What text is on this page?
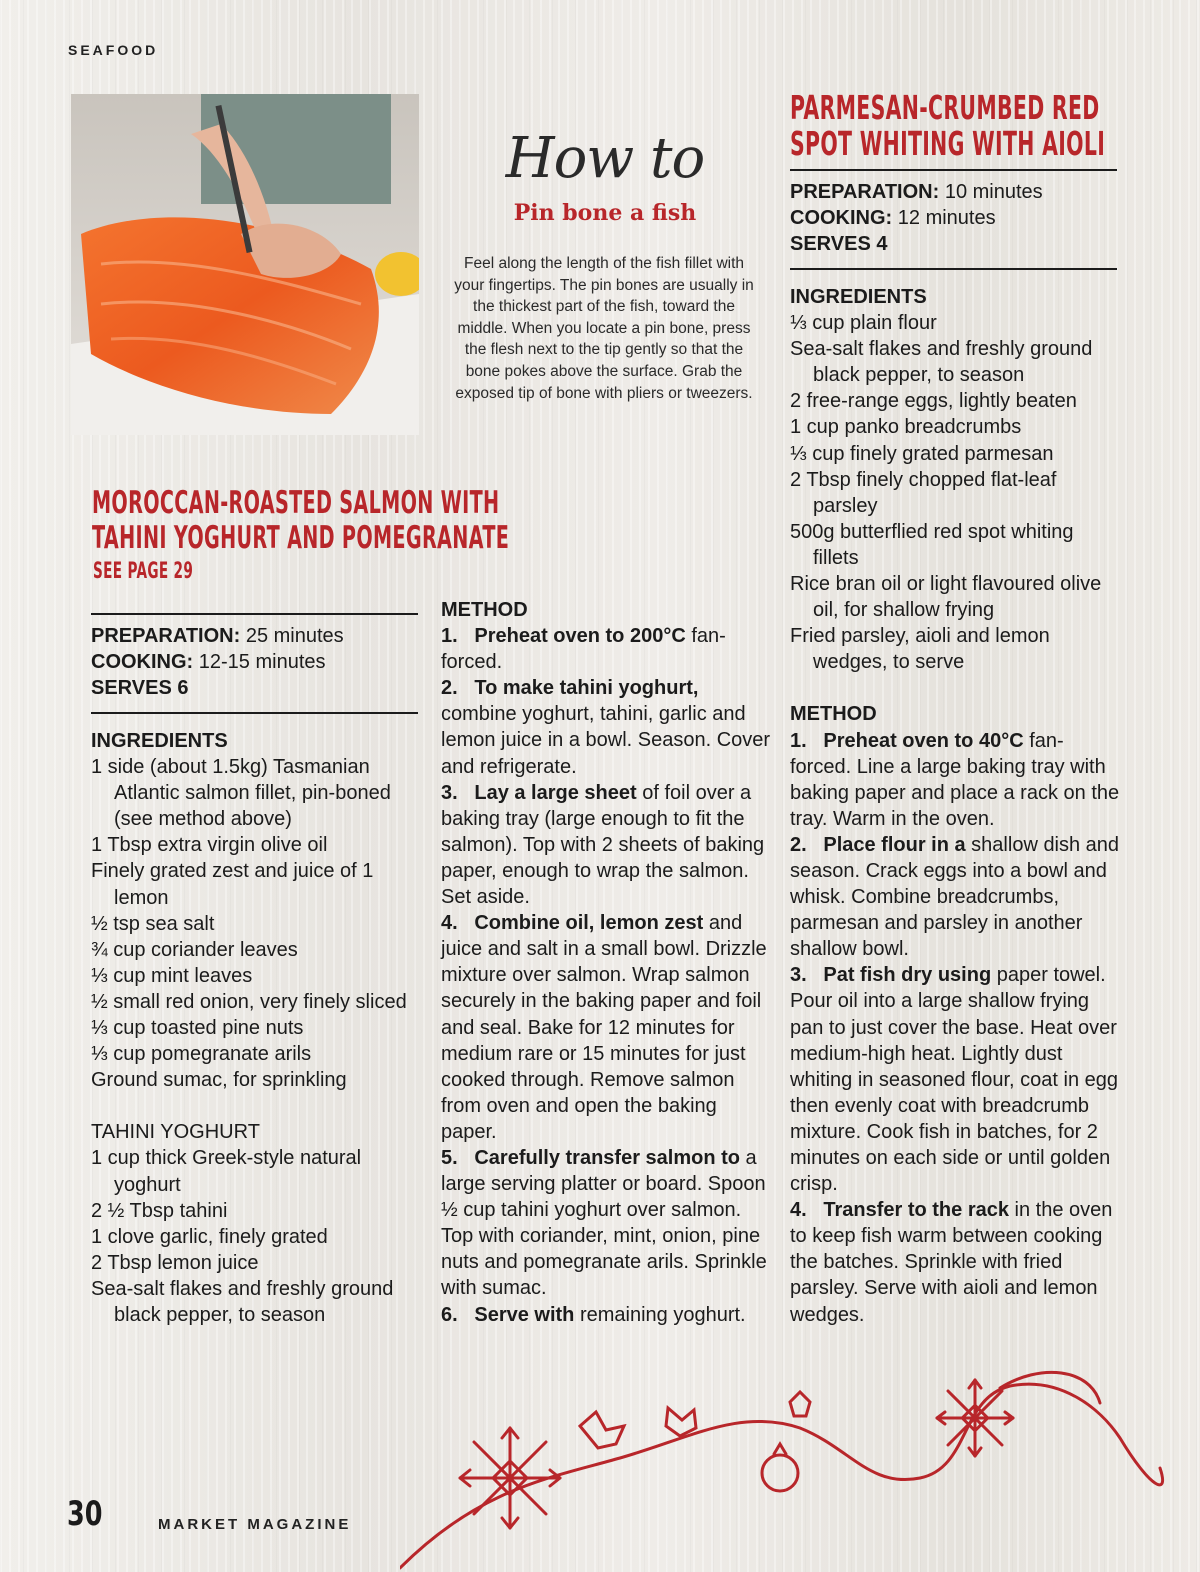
SEAFOOD
How to
Pin bone a fish
Feel along the length of the fish fillet with your fingertips. The pin bones are usually in the thickest part of the fish, toward the middle. When you locate a pin bone, press the flesh next to the tip gently so that the bone pokes above the surface. Grab the exposed tip of bone with pliers or tweezers.
MOROCCAN-ROASTED SALMON WITH
TAHINI YOGHURT AND POMEGRANATE
SEE PAGE 29

PREPARATION: 25 minutes

COOKING: 12-15 minutes

SERVES 6

INGREDIENTS

1 side (about 1.5kg) Tasmanian Atlantic salmon fillet, pin-boned (see method above)

1 Tbsp extra virgin olive oil

Finely grated zest and juice of 1 lemon

½ tsp sea salt

¾ cup coriander leaves

⅓ cup mint leaves

½ small red onion, very finely sliced

⅓ cup toasted pine nuts

⅓ cup pomegranate arils

Ground sumac, for sprinkling

TAHINI YOGHURT

1 cup thick Greek-style natural yoghurt

2 ½ Tbsp tahini

1 clove garlic, finely grated

2 Tbsp lemon juice

Sea-salt flakes and freshly ground black pepper, to season

METHOD

1. Preheat oven to 200°C fan-forced.

2. To make tahini yoghurt, combine yoghurt, tahini, garlic and lemon juice in a bowl. Season. Cover and refrigerate.

3. Lay a large sheet of foil over a baking tray (large enough to fit the salmon). Top with 2 sheets of baking paper, enough to wrap the salmon. Set aside.

4. Combine oil, lemon zest and juice and salt in a small bowl. Drizzle mixture over salmon. Wrap salmon securely in the baking paper and foil and seal. Bake for 12 minutes for medium rare or 15 minutes for just cooked through. Remove salmon from oven and open the baking paper.

5. Carefully transfer salmon to a large serving platter or board. Spoon ½ cup tahini yoghurt over salmon. Top with coriander, mint, onion, pine nuts and pomegranate arils. Sprinkle with sumac.

6. Serve with remaining yoghurt.

PARMESAN-CRUMBED RED
SPOT WHITING WITH AIOLI

PREPARATION: 10 minutes

COOKING: 12 minutes

SERVES 4

INGREDIENTS

⅓ cup plain flour

Sea-salt flakes and freshly ground black pepper, to season

2 free-range eggs, lightly beaten

1 cup panko breadcrumbs

⅓ cup finely grated parmesan

2 Tbsp finely chopped flat-leaf parsley

500g butterflied red spot whiting fillets

Rice bran oil or light flavoured olive oil, for shallow frying

Fried parsley, aioli and lemon wedges, to serve

METHOD

1. Preheat oven to 40°C fan-forced. Line a large baking tray with baking paper and place a rack on the tray. Warm in the oven.

2. Place flour in a shallow dish and season. Crack eggs into a bowl and whisk. Combine breadcrumbs, parmesan and parsley in another shallow bowl.

3. Pat fish dry using paper towel. Pour oil into a large shallow frying pan to just cover the base. Heat over medium-high heat. Lightly dust whiting in seasoned flour, coat in egg then evenly coat with breadcrumb mixture. Cook fish in batches, for 2 minutes on each side or until golden crisp.

4. Transfer to the rack in the oven to keep fish warm between cooking the batches. Sprinkle with fried parsley. Serve with aioli and lemon wedges.

30	MARKET MAGAZINE
